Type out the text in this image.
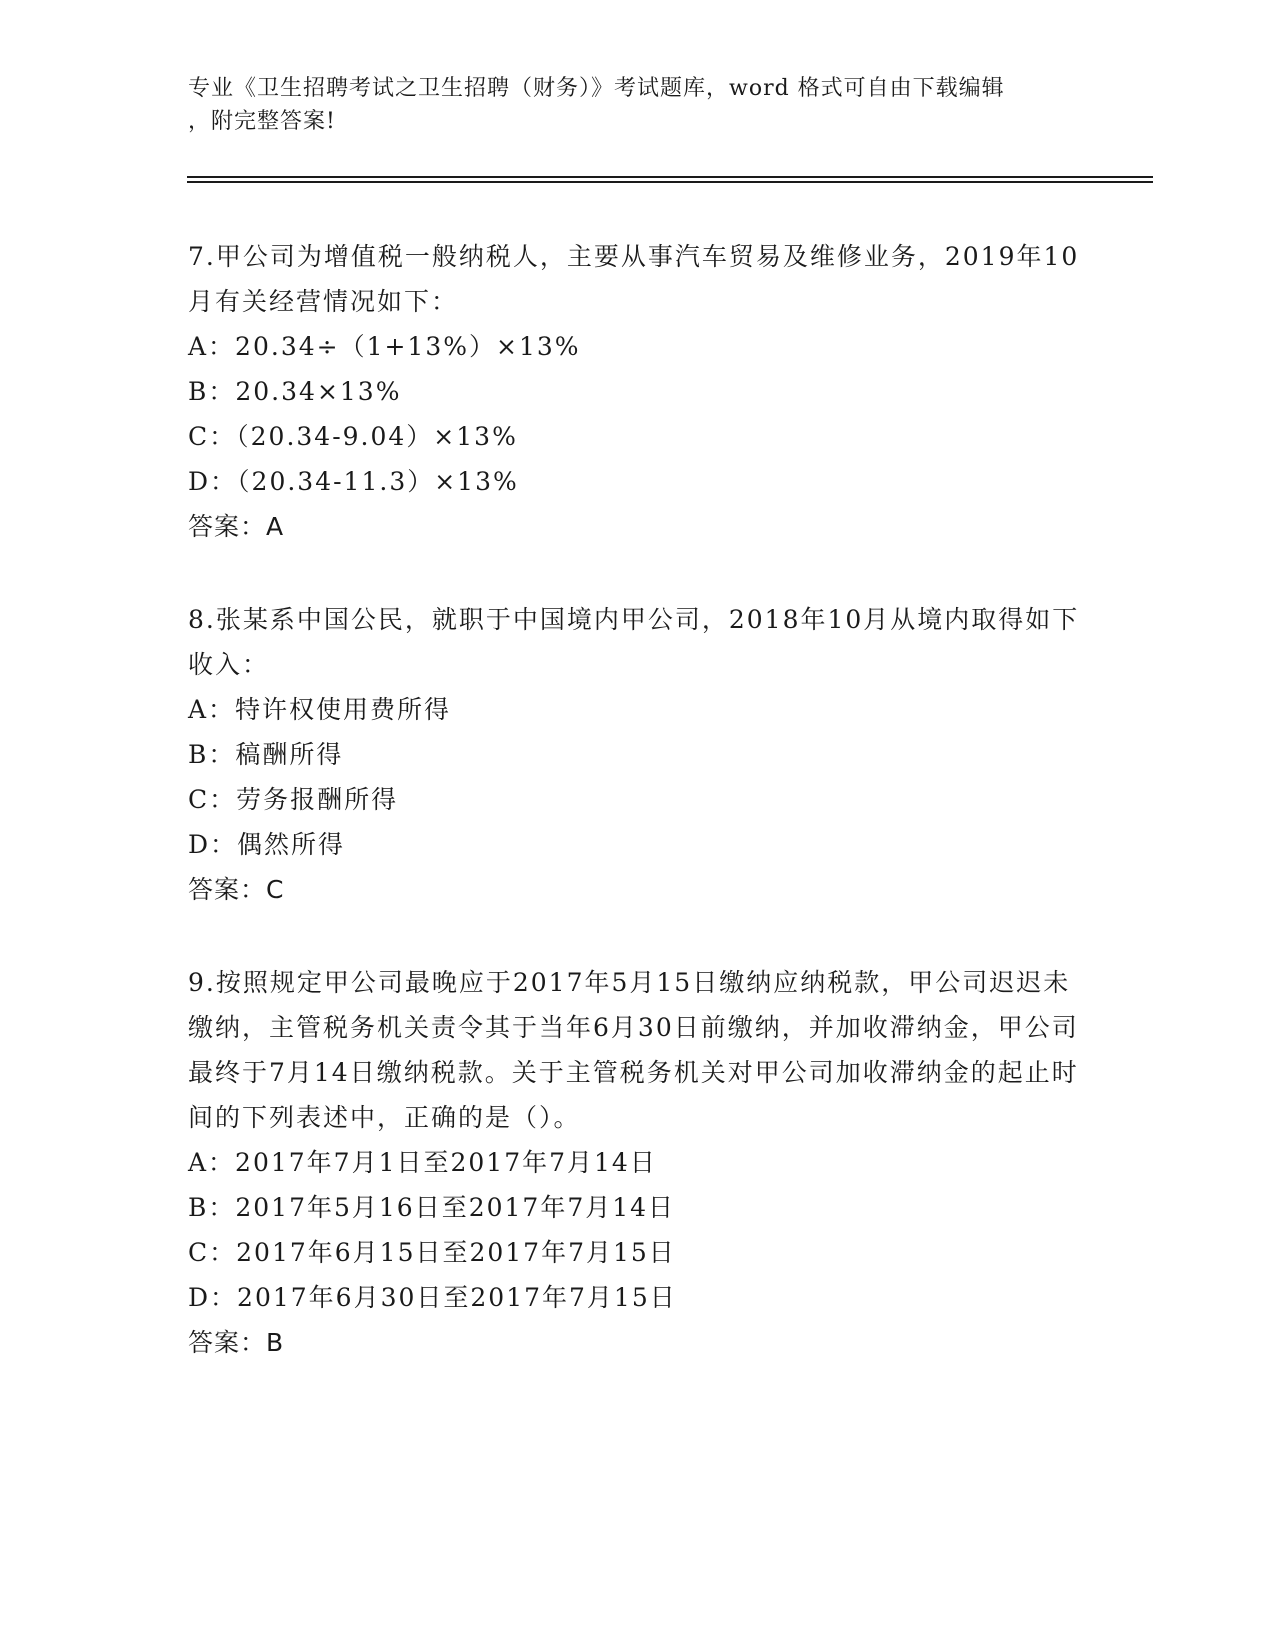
专业《卫生招聘考试之卫生招聘（财务）》考试题库，word 格式可自由下载编辑
，附完整答案!

7.甲公司为增值税一般纳税人，主要从事汽车贸易及维修业务，2019年10月有关经营情况如下：

A：20.34÷（1+13%）×13%

B：20.34×13%

C：（20.34-9.04）×13%

D：（20.34-11.3）×13%

答案：A

8.张某系中国公民，就职于中国境内甲公司，2018年10月从境内取得如下收入：

A：特许权使用费所得

B：稿酬所得

C：劳务报酬所得

D：偶然所得

答案：C

9.按照规定甲公司最晚应于2017年5月15日缴纳应纳税款，甲公司迟迟未缴纳，主管税务机关责令其于当年6月30日前缴纳，并加收滞纳金，甲公司最终于7月14日缴纳税款。关于主管税务机关对甲公司加收滞纳金的起止时间的下列表述中，正确的是（）。

A：2017年7月1日至2017年7月14日

B：2017年5月16日至2017年7月14日

C：2017年6月15日至2017年7月15日

D：2017年6月30日至2017年7月15日

答案：B
